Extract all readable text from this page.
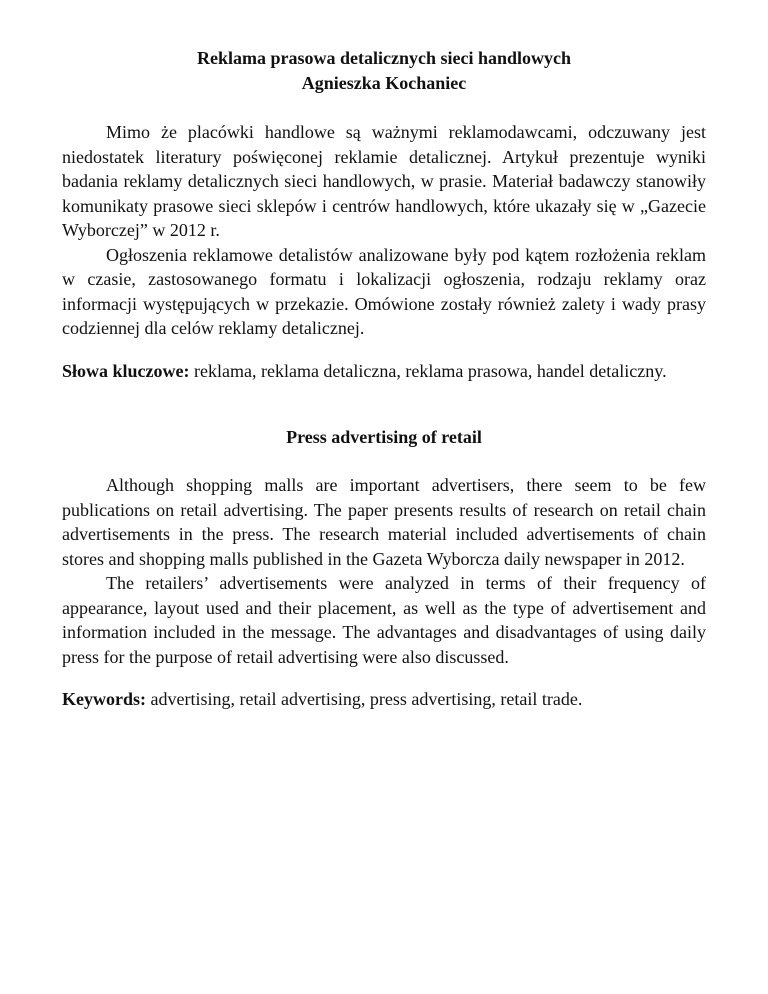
Reklama prasowa detalicznych sieci handlowych
Agnieszka Kochaniec

Mimo że placówki handlowe są ważnymi reklamodawcami, odczuwany jest niedostatek literatury poświęconej reklamie detalicznej. Artykuł prezentuje wyniki badania reklamy detalicznych sieci handlowych, w prasie. Materiał badawczy stanowiły komunikaty prasowe sieci sklepów i centrów handlowych, które ukazały się w „Gazecie Wyborczej” w 2012 r.

Ogłoszenia reklamowe detalistów analizowane były pod kątem rozłożenia reklam w czasie, zastosowanego formatu i lokalizacji ogłoszenia, rodzaju reklamy oraz informacji występujących w przekazie. Omówione zostały również zalety i wady prasy codziennej dla celów reklamy detalicznej.

Słowa kluczowe: reklama, reklama detaliczna, reklama prasowa, handel detaliczny.

Press advertising of retail

Although shopping malls are important advertisers, there seem to be few publications on retail advertising. The paper presents results of research on retail chain advertisements in the press. The research material included advertisements of chain stores and shopping malls published in the Gazeta Wyborcza daily newspaper in 2012.

The retailers’ advertisements were analyzed in terms of their frequency of appearance, layout used and their placement, as well as the type of advertisement and information included in the message. The advantages and disadvantages of using daily press for the purpose of retail advertising were also discussed.

Keywords: advertising, retail advertising, press advertising, retail trade.
